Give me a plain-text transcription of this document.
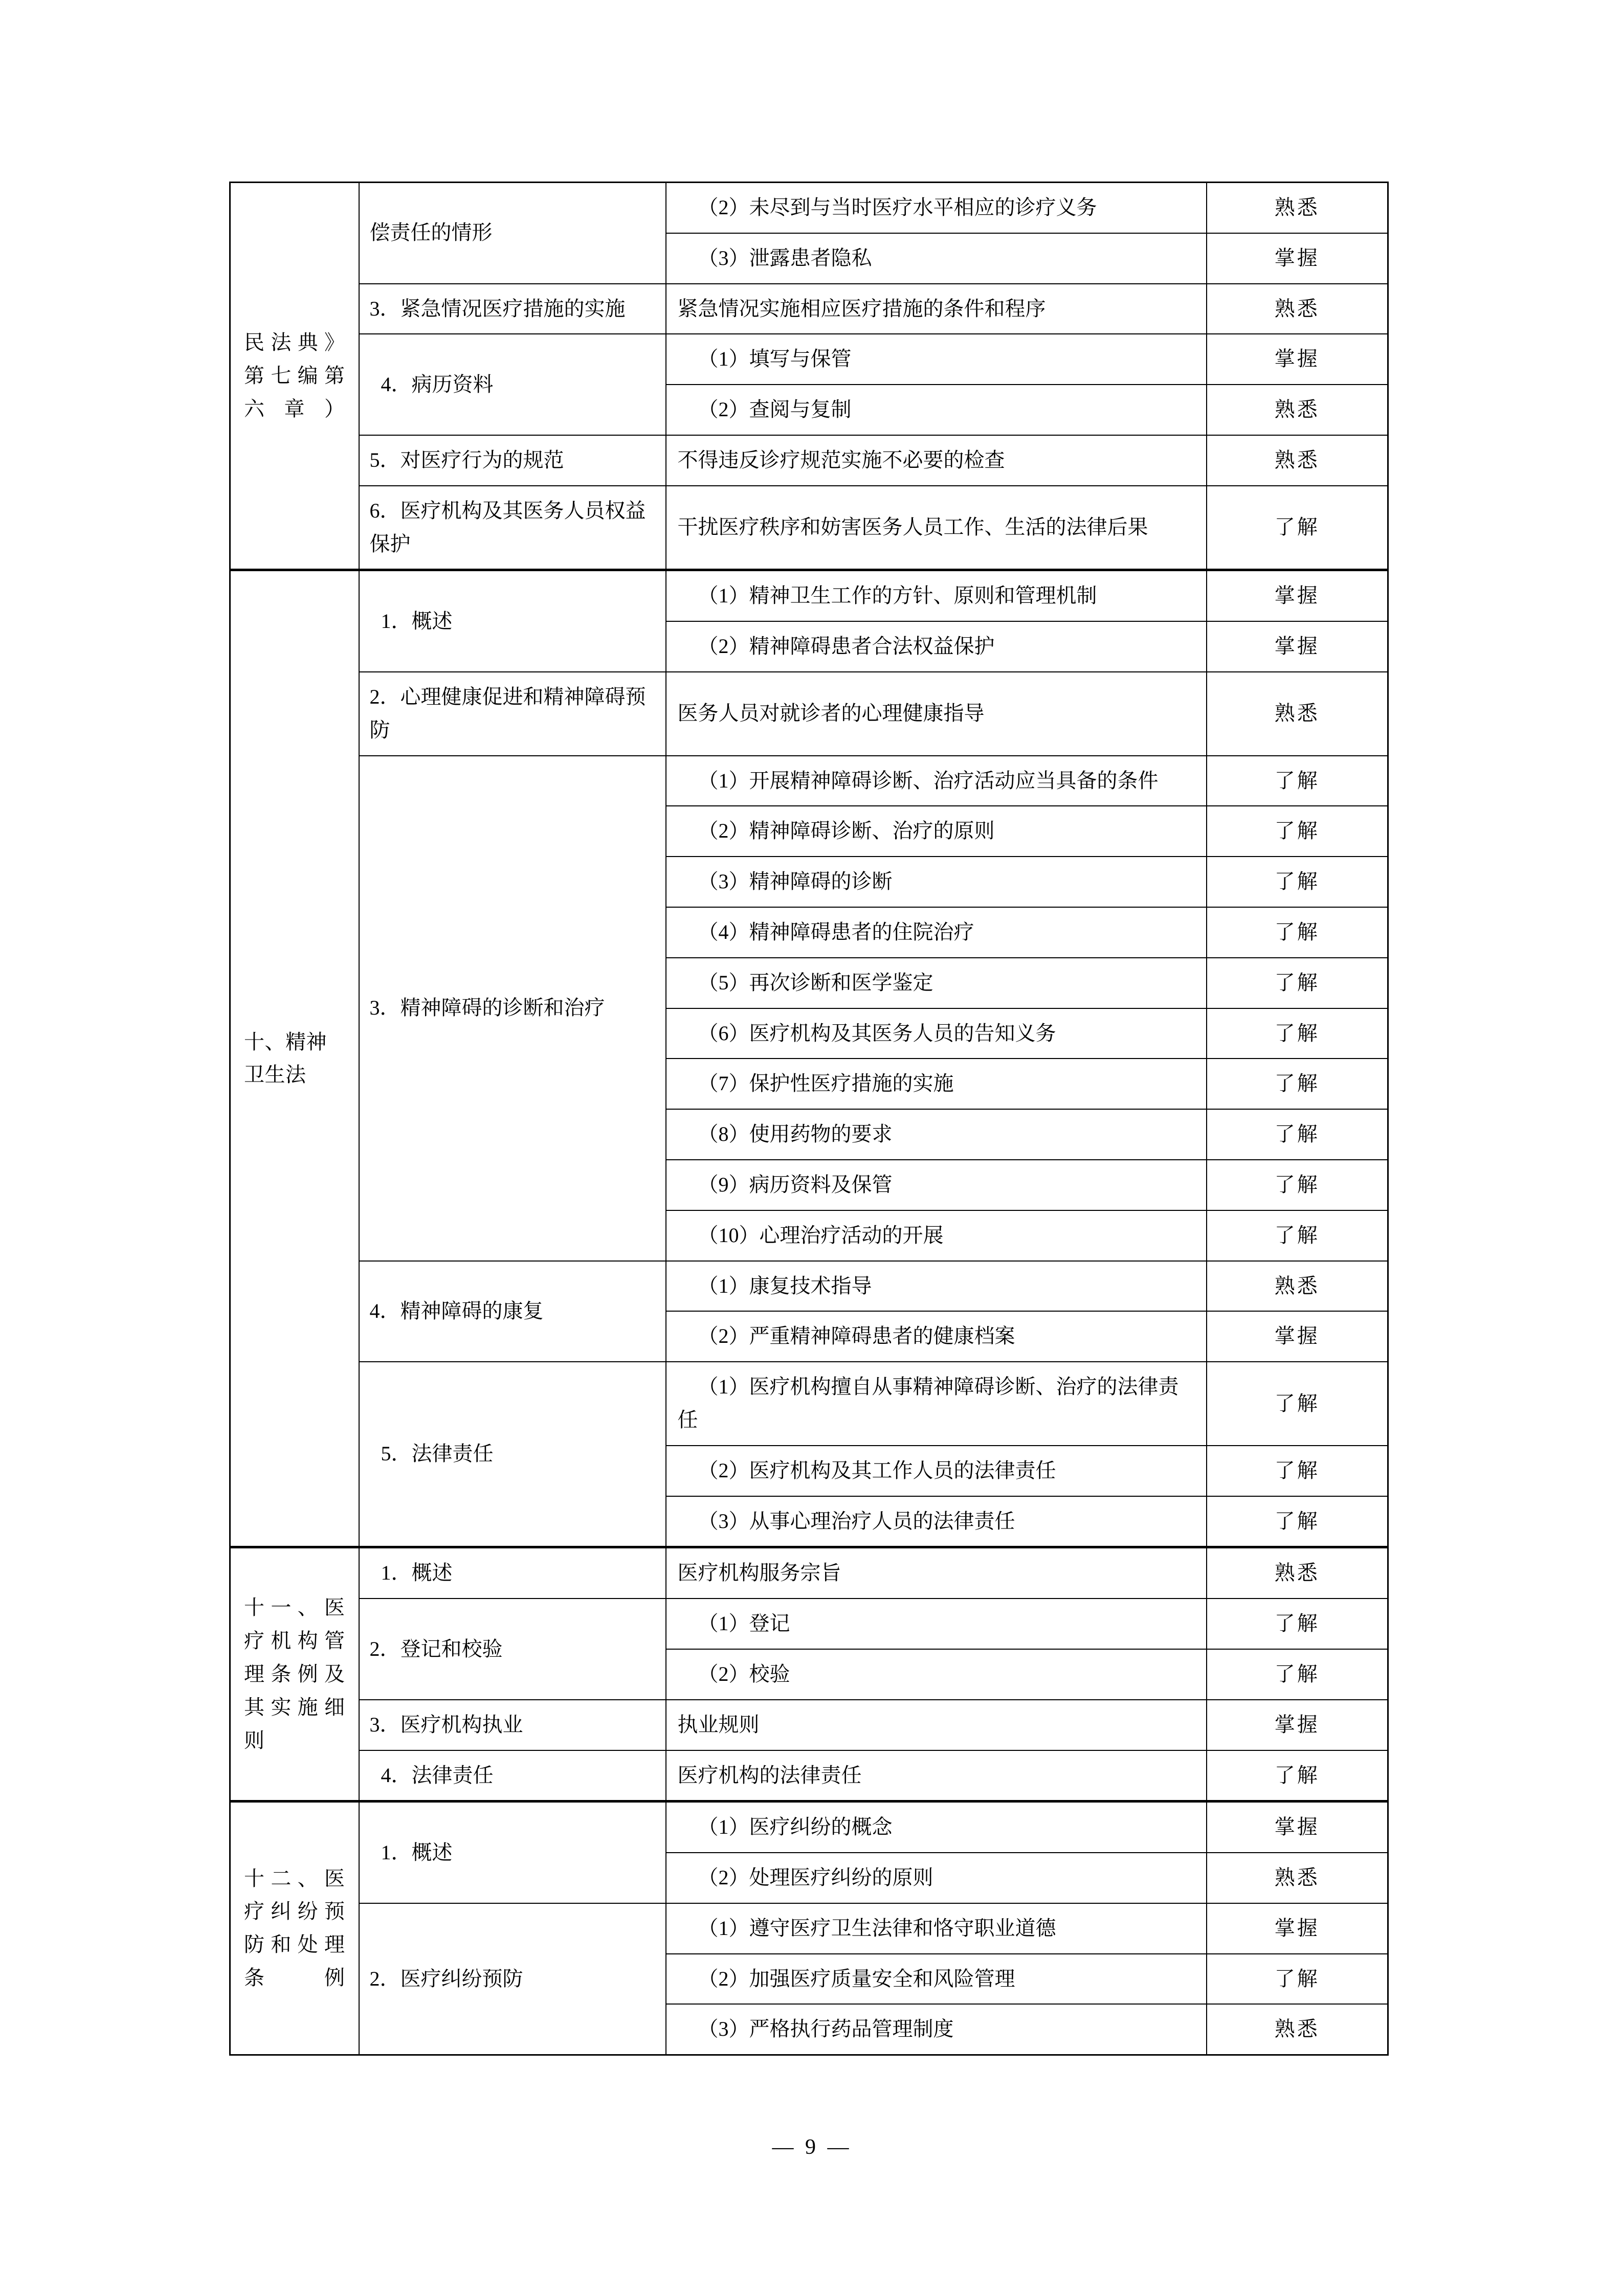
民法典》第七编第六章）	偿责任的情形	（2）未尽到与当时医疗水平相应的诊疗义务	熟悉

		（3）泄露患者隐私	掌握

	3．紧急情况医疗措施的实施	紧急情况实施相应医疗措施的条件和程序	熟悉

	4．病历资料	（1）填写与保管	掌握

		（2）查阅与复制	熟悉

	5．对医疗行为的规范	不得违反诊疗规范实施不必要的检查	熟悉

	6．医疗机构及其医务人员权益保护	干扰医疗秩序和妨害医务人员工作、生活的法律后果	了解

十、精神卫生法	1．概述	（1）精神卫生工作的方针、原则和管理机制	掌握

		（2）精神障碍患者合法权益保护	掌握

	2．心理健康促进和精神障碍预防	医务人员对就诊者的心理健康指导	熟悉

	3．精神障碍的诊断和治疗	（1）开展精神障碍诊断、治疗活动应当具备的条件	了解

		（2）精神障碍诊断、治疗的原则	了解

		（3）精神障碍的诊断	了解

		（4）精神障碍患者的住院治疗	了解

		（5）再次诊断和医学鉴定	了解

		（6）医疗机构及其医务人员的告知义务	了解

		（7）保护性医疗措施的实施	了解

		（8）使用药物的要求	了解

		（9）病历资料及保管	了解

		（10）心理治疗活动的开展	了解

	4．精神障碍的康复	（1）康复技术指导	熟悉

		（2）严重精神障碍患者的健康档案	掌握

	5．法律责任	（1）医疗机构擅自从事精神障碍诊断、治疗的法律责任	了解

		（2）医疗机构及其工作人员的法律责任	了解

		（3）从事心理治疗人员的法律责任	了解

十一、医疗机构管理条例及其实施细则	1．概述	医疗机构服务宗旨	熟悉

	2．登记和校验	（1）登记	了解

		（2）校验	了解

	3．医疗机构执业	执业规则	掌握

	4．法律责任	医疗机构的法律责任	了解

十二、医疗纠纷预防和处理条例	1．概述	（1）医疗纠纷的概念	掌握

		（2）处理医疗纠纷的原则	熟悉

	2．医疗纠纷预防	（1）遵守医疗卫生法律和恪守职业道德	掌握

		（2）加强医疗质量安全和风险管理	了解

		（3）严格执行药品管理制度	熟悉
— 9 —
